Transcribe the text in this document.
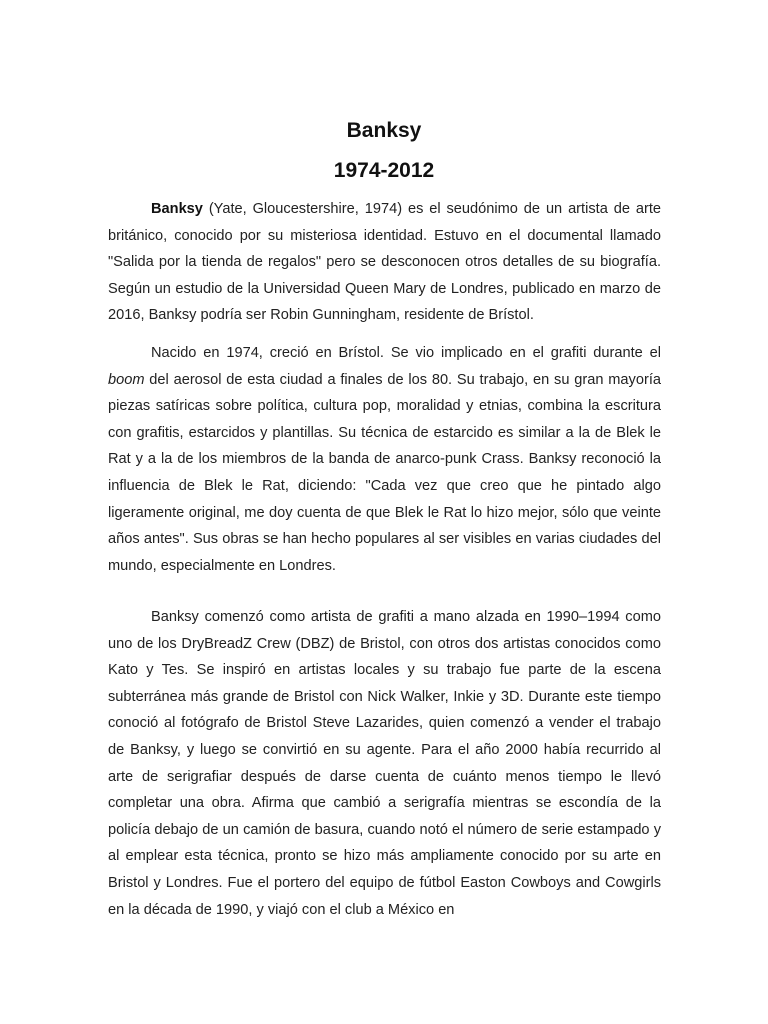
Banksy
1974-2012

Banksy (Yate, Gloucestershire, 1974) es el seudónimo de un artista de arte británico, conocido por su misteriosa identidad. Estuvo en el documental llamado "Salida por la tienda de regalos" pero se desconocen otros detalles de su biografía. Según un estudio de la Universidad Queen Mary de Londres, publicado en marzo de 2016, Banksy podría ser Robin Gunningham, residente de Brístol.

Nacido en 1974, creció en Brístol. Se vio implicado en el grafiti durante el boom del aerosol de esta ciudad a finales de los 80. Su trabajo, en su gran mayoría piezas satíricas sobre política, cultura pop, moralidad y etnias, combina la escritura con grafitis, estarcidos y plantillas. Su técnica de estarcido es similar a la de Blek le Rat y a la de los miembros de la banda de anarco-punk Crass. Banksy reconoció la influencia de Blek le Rat, diciendo: "Cada vez que creo que he pintado algo ligeramente original, me doy cuenta de que Blek le Rat lo hizo mejor, sólo que veinte años antes". Sus obras se han hecho populares al ser visibles en varias ciudades del mundo, especialmente en Londres.

Banksy comenzó como artista de grafiti a mano alzada en 1990–1994 como uno de los DryBreadZ Crew (DBZ) de Bristol, con otros dos artistas conocidos como Kato y Tes. Se inspiró en artistas locales y su trabajo fue parte de la escena subterránea más grande de Bristol con Nick Walker, Inkie y 3D. Durante este tiempo conoció al fotógrafo de Bristol Steve Lazarides, quien comenzó a vender el trabajo de Banksy, y luego se convirtió en su agente. Para el año 2000 había recurrido al arte de serigrafiar después de darse cuenta de cuánto menos tiempo le llevó completar una obra. Afirma que cambió a serigrafía mientras se escondía de la policía debajo de un camión de basura, cuando notó el número de serie estampado y al emplear esta técnica, pronto se hizo más ampliamente conocido por su arte en Bristol y Londres. Fue el portero del equipo de fútbol Easton Cowboys and Cowgirls en la década de 1990, y viajó con el club a México en
